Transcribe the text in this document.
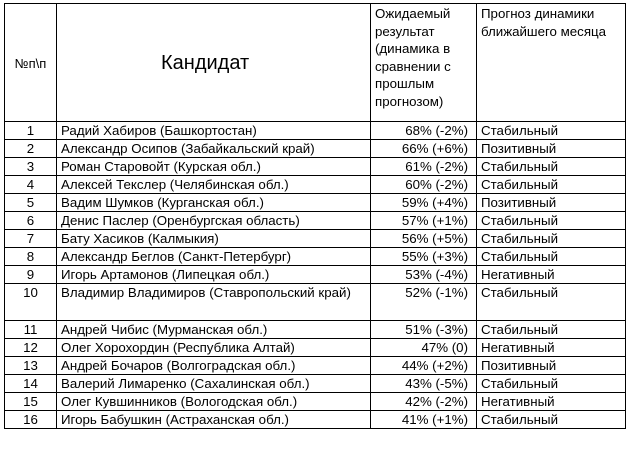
№п\п	Кандидат	Ожидаемый результат (динамика в сравнении с прошлым прогнозом)	Прогноз динамики ближайшего месяца
1	Радий Хабиров (Башкортостан)	68% (-2%)	Стабильный
2	Александр Осипов (Забайкальский край)	66% (+6%)	Позитивный
3	Роман Старовойт (Курская обл.)	61% (-2%)	Стабильный
4	Алексей Текслер (Челябинская обл.)	60% (-2%)	Стабильный
5	Вадим Шумков (Курганская обл.)	59% (+4%)	Позитивный
6	Денис Паслер (Оренбургская область)	57% (+1%)	Стабильный
7	Бату Хасиков (Калмыкия)	56% (+5%)	Стабильный
8	Александр Беглов (Санкт-Петербург)	55% (+3%)	Стабильный
9	Игорь Артамонов (Липецкая обл.)	53% (-4%)	Негативный
10	Владимир Владимиров (Ставропольский край)	52% (-1%)	Стабильный
11	Андрей Чибис (Мурманская обл.)	51% (-3%)	Стабильный
12	Олег Хорохордин (Республика Алтай)	47% (0)	Негативный
13	Андрей Бочаров (Волгоградская обл.)	44% (+2%)	Позитивный
14	Валерий Лимаренко (Сахалинская обл.)	43% (-5%)	Стабильный
15	Олег Кувшинников (Вологодская обл.)	42% (-2%)	Негативный
16	Игорь Бабушкин (Астраханская обл.)	41% (+1%)	Стабильный
